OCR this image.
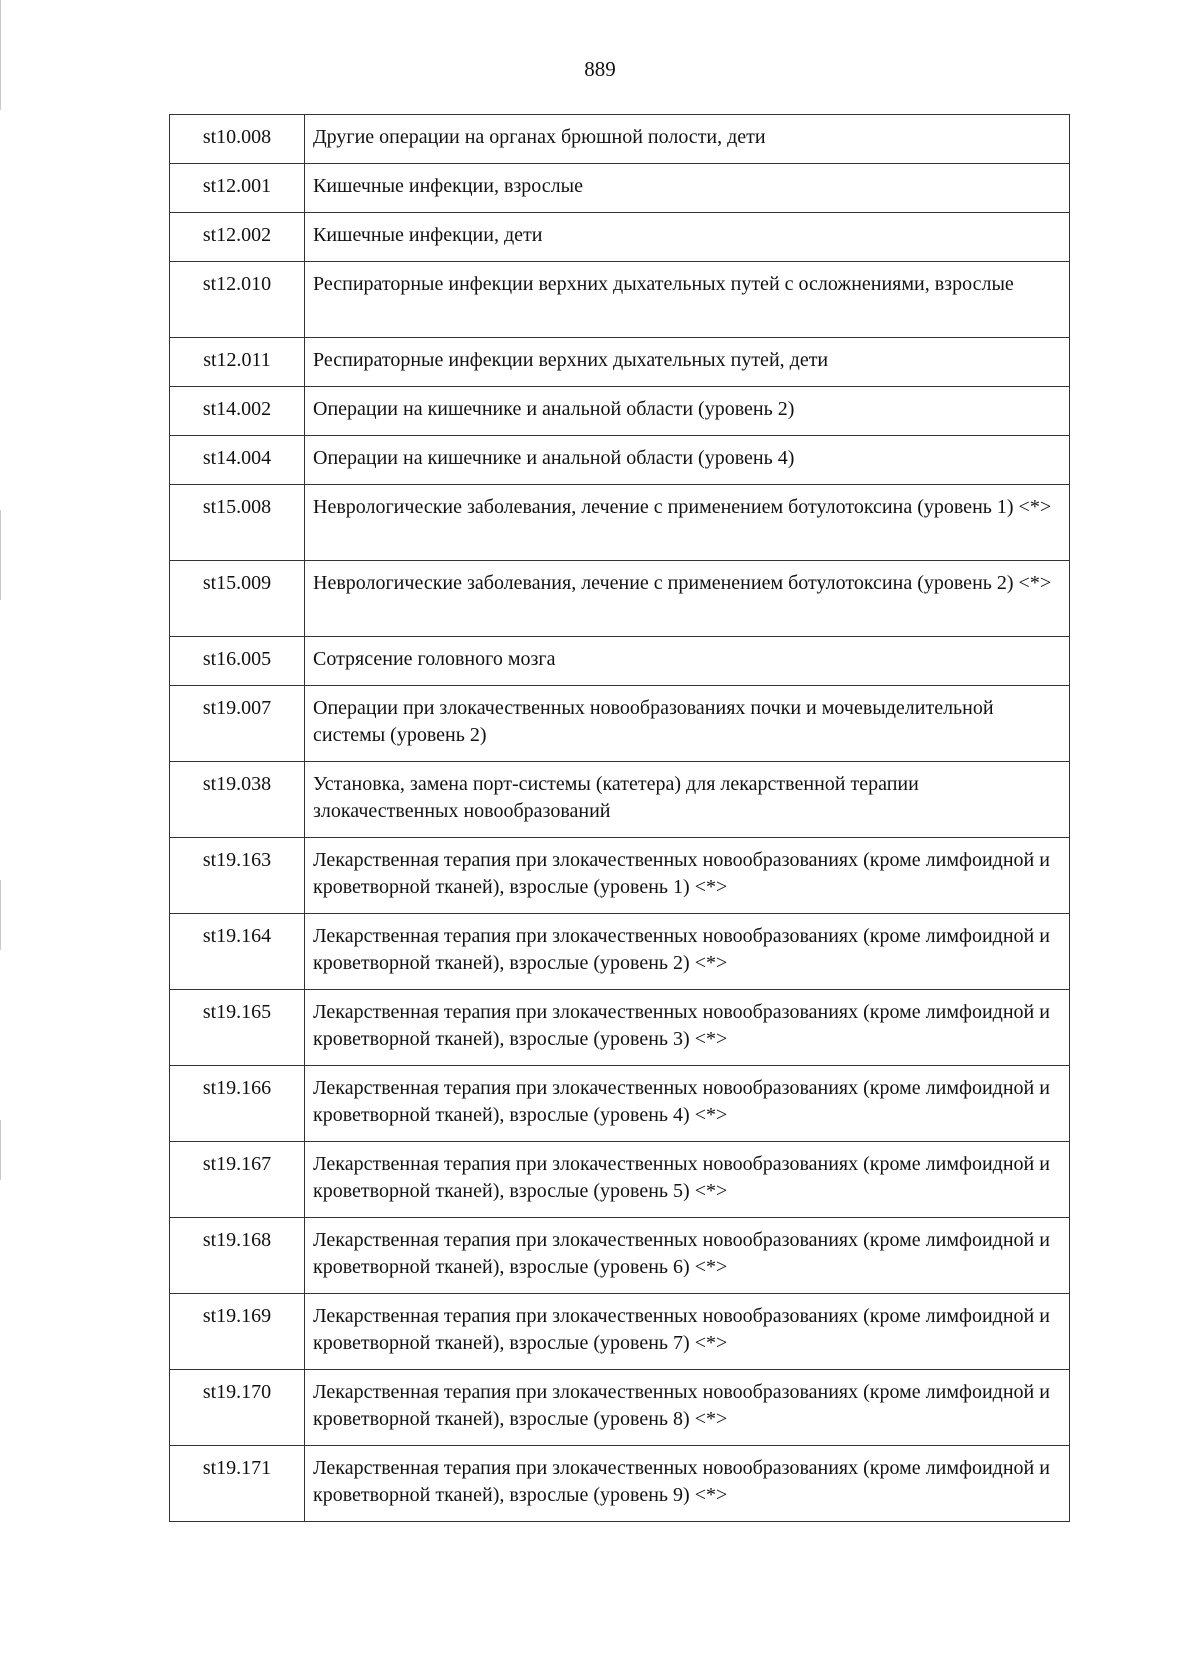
889
st10.008	Другие операции на органах брюшной полости, дети
st12.001	Кишечные инфекции, взрослые
st12.002	Кишечные инфекции, дети
st12.010	Респираторные инфекции верхних дыхательных путей с осложнениями, взрослые
st12.011	Респираторные инфекции верхних дыхательных путей, дети
st14.002	Операции на кишечнике и анальной области (уровень 2)
st14.004	Операции на кишечнике и анальной области (уровень 4)
st15.008	Неврологические заболевания, лечение с применением ботулотоксина (уровень 1) <*>
st15.009	Неврологические заболевания, лечение с применением ботулотоксина (уровень 2) <*>
st16.005	Сотрясение головного мозга
st19.007	Операции при злокачественных новообразованиях почки и мочевыделительной системы (уровень 2)
st19.038	Установка, замена порт-системы (катетера) для лекарственной терапии злокачественных новообразований
st19.163	Лекарственная терапия при злокачественных новообразованиях (кроме лимфоидной и кроветворной тканей), взрослые (уровень 1) <*>
st19.164	Лекарственная терапия при злокачественных новообразованиях (кроме лимфоидной и кроветворной тканей), взрослые (уровень 2) <*>
st19.165	Лекарственная терапия при злокачественных новообразованиях (кроме лимфоидной и кроветворной тканей), взрослые (уровень 3) <*>
st19.166	Лекарственная терапия при злокачественных новообразованиях (кроме лимфоидной и кроветворной тканей), взрослые (уровень 4) <*>
st19.167	Лекарственная терапия при злокачественных новообразованиях (кроме лимфоидной и кроветворной тканей), взрослые (уровень 5) <*>
st19.168	Лекарственная терапия при злокачественных новообразованиях (кроме лимфоидной и кроветворной тканей), взрослые (уровень 6) <*>
st19.169	Лекарственная терапия при злокачественных новообразованиях (кроме лимфоидной и кроветворной тканей), взрослые (уровень 7) <*>
st19.170	Лекарственная терапия при злокачественных новообразованиях (кроме лимфоидной и кроветворной тканей), взрослые (уровень 8) <*>
st19.171	Лекарственная терапия при злокачественных новообразованиях (кроме лимфоидной и кроветворной тканей), взрослые (уровень 9) <*>
